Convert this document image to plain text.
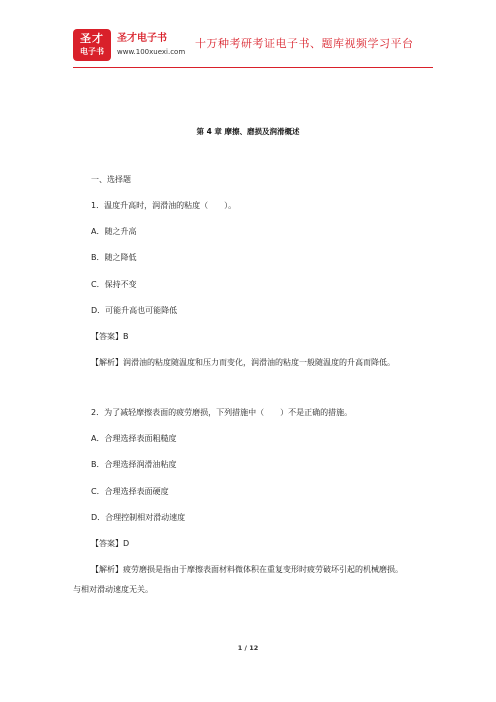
圣才
电子书
圣才电子书
www.100xuexi.com
十万种考研考证电子书、题库视频学习平台
第 4 章 摩擦、磨损及润滑概述
一、选择题
1．温度升高时，润滑油的粘度（　　）。
A．随之升高
B．随之降低
C．保持不变
D．可能升高也可能降低
【答案】B
【解析】润滑油的粘度随温度和压力而变化，润滑油的粘度一般随温度的升高而降低。
2．为了减轻摩擦表面的疲劳磨损，下列措施中（　　）不是正确的措施。
A．合理选择表面粗糙度
B．合理选择润滑油粘度
C．合理选择表面硬度
D．合理控制相对滑动速度
【答案】D
【解析】疲劳磨损是指由于摩擦表面材料微体积在重复变形时疲劳破坏引起的机械磨损。
与相对滑动速度无关。
1 / 12
